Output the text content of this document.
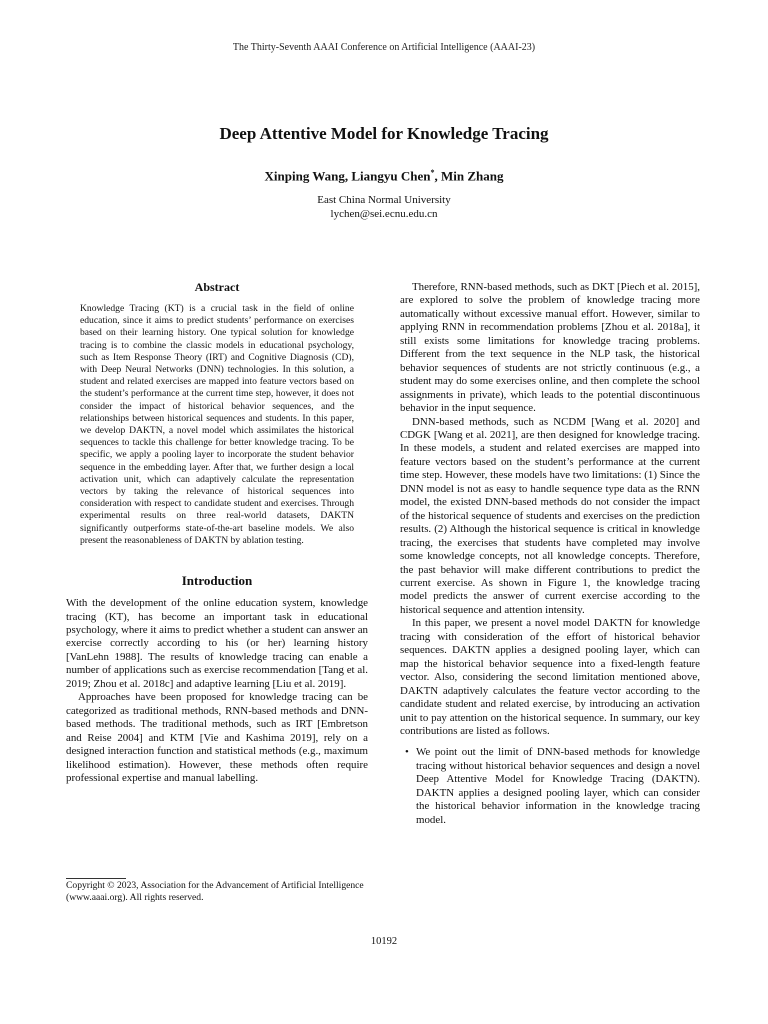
The Thirty-Seventh AAAI Conference on Artificial Intelligence (AAAI-23)
Deep Attentive Model for Knowledge Tracing
Xinping Wang, Liangyu Chen*, Min Zhang
East China Normal University
lychen@sei.ecnu.edu.cn
Abstract

Knowledge Tracing (KT) is a crucial task in the field of online education, since it aims to predict students’ performance on exercises based on their learning history. One typical solution for knowledge tracing is to combine the classic models in educational psychology, such as Item Response Theory (IRT) and Cognitive Diagnosis (CD), with Deep Neural Networks (DNN) technologies. In this solution, a student and related exercises are mapped into feature vectors based on the student’s performance at the current time step, however, it does not consider the impact of historical behavior sequences, and the relationships between historical sequences and students. In this paper, we develop DAKTN, a novel model which assimilates the historical sequences to tackle this challenge for better knowledge tracing. To be specific, we apply a pooling layer to incorporate the student behavior sequence in the embedding layer. After that, we further design a local activation unit, which can adaptively calculate the representation vectors by taking the relevance of historical sequences into consideration with respect to candidate student and exercises. Through experimental results on three real-world datasets, DAKTN significantly outperforms state-of-the-art baseline models. We also present the reasonableness of DAKTN by ablation testing.

Introduction

With the development of the online education system, knowledge tracing (KT), has become an important task in educational psychology, where it aims to predict whether a student can answer an exercise correctly according to his (or her) learning history [VanLehn 1988]. The results of knowledge tracing can enable a number of applications such as exercise recommendation [Tang et al. 2019; Zhou et al. 2018c] and adaptive learning [Liu et al. 2019].

Approaches have been proposed for knowledge tracing can be categorized as traditional methods, RNN-based methods and DNN-based methods. The traditional methods, such as IRT [Embretson and Reise 2004] and KTM [Vie and Kashima 2019], rely on a designed interaction function and statistical methods (e.g., maximum likelihood estimation). However, these methods often require professional expertise and manual labelling.

Therefore, RNN-based methods, such as DKT [Piech et al. 2015], are explored to solve the problem of knowledge tracing more automatically without excessive manual effort. However, similar to applying RNN in recommendation problems [Zhou et al. 2018a], it still exists some limitations for knowledge tracing problems. Different from the text sequence in the NLP task, the historical behavior sequences of students are not strictly continuous (e.g., a student may do some exercises online, and then complete the school assignments in private), which leads to the potential discontinuous behavior in the input sequence.

DNN-based methods, such as NCDM [Wang et al. 2020] and CDGK [Wang et al. 2021], are then designed for knowledge tracing. In these models, a student and related exercises are mapped into feature vectors based on the student’s performance at the current time step. However, these models have two limitations: (1) Since the DNN model is not as easy to handle sequence type data as the RNN model, the existed DNN-based methods do not consider the impact of the historical sequence of students and exercises on the prediction results. (2) Although the historical sequence is critical in knowledge tracing, the exercises that students have completed may involve some knowledge concepts, not all knowledge concepts. Therefore, the past behavior will make different contributions to predict the current exercise. As shown in Figure 1, the knowledge tracing model predicts the answer of current exercise according to the historical sequence and attention intensity.

In this paper, we present a novel model DAKTN for knowledge tracing with consideration of the effort of historical behavior sequences. DAKTN applies a designed pooling layer, which can map the historical behavior sequence into a fixed-length feature vector. Also, considering the second limitation mentioned above, DAKTN adaptively calculates the feature vector according to the candidate student and related exercise, by introducing an activation unit to pay attention on the historical sequence. In summary, our key contributions are listed as follows.

• We point out the limit of DNN-based methods for knowledge tracing without historical behavior sequences and design a novel Deep Attentive Model for Knowledge Tracing (DAKTN). DAKTN applies a designed pooling layer, which can consider the historical behavior information in the knowledge tracing model.
Copyright © 2023, Association for the Advancement of Artificial Intelligence (www.aaai.org). All rights reserved.
10192
